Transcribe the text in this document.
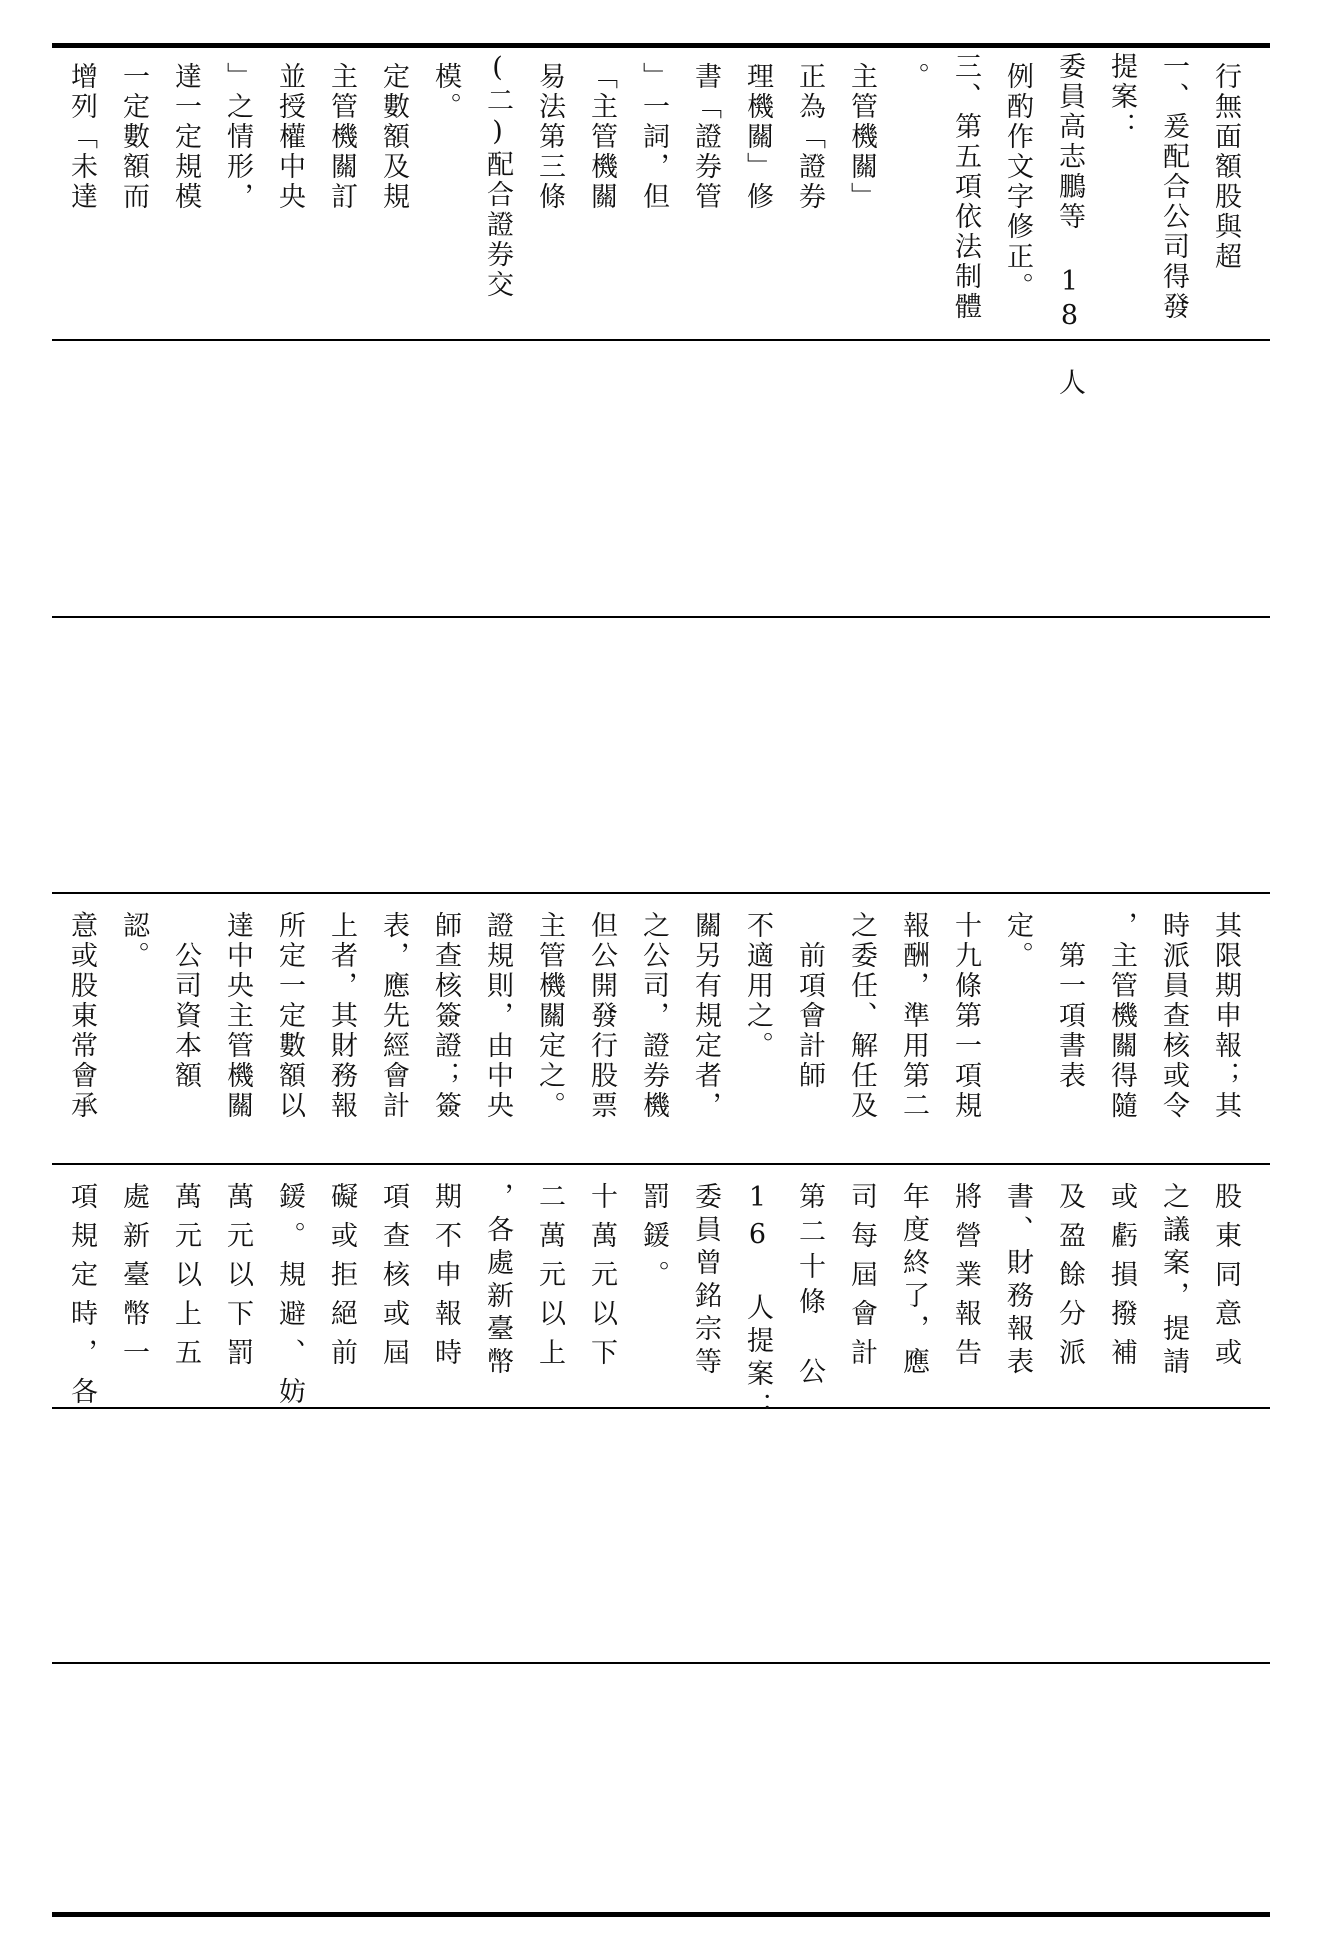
增列「未達 一定數額而 達一定規模 」之情形， 並授權中央 主管機關訂 定數額及規 模。 (二)配合證券交 易法第三條 「主管機關 」一詞，但 書「證券管 理機關」修 正為「證券 主管機關」 。 三、第五項依法制體 例酌作文字修正。 委員高志鵬等 18 人 提案： 一、爰配合公司得發 行無面額股與超
意或股東常會承 認。 　公司資本額 達中央主管機關 所定一定數額以 上者，其財務報 表，應先經會計 師查核簽證；簽 證規則，由中央 主管機關定之。 但公開發行股票 之公司，證券機 關另有規定者， 不適用之。 　前項會計師 之委任、解任及 報酬，準用第二 十九條第一項規 定。 　第一項書表 ，主管機關得隨 時派員查核或令 其限期申報；其
項規定時，各 處新臺幣一 萬元以上五 萬元以下罰 鍰。規避、妨 礙或拒絕前 項查核或屆 期不申報時 ，各處新臺幣 二萬元以上 十萬元以下 罰鍰。 委員曾銘宗等 16 人提案： 第二十條　公 司每屆會計 年度終了，應 將營業報告 書、財務報表 及盈餘分派 或虧損撥補 之議案，提請 股東同意或
